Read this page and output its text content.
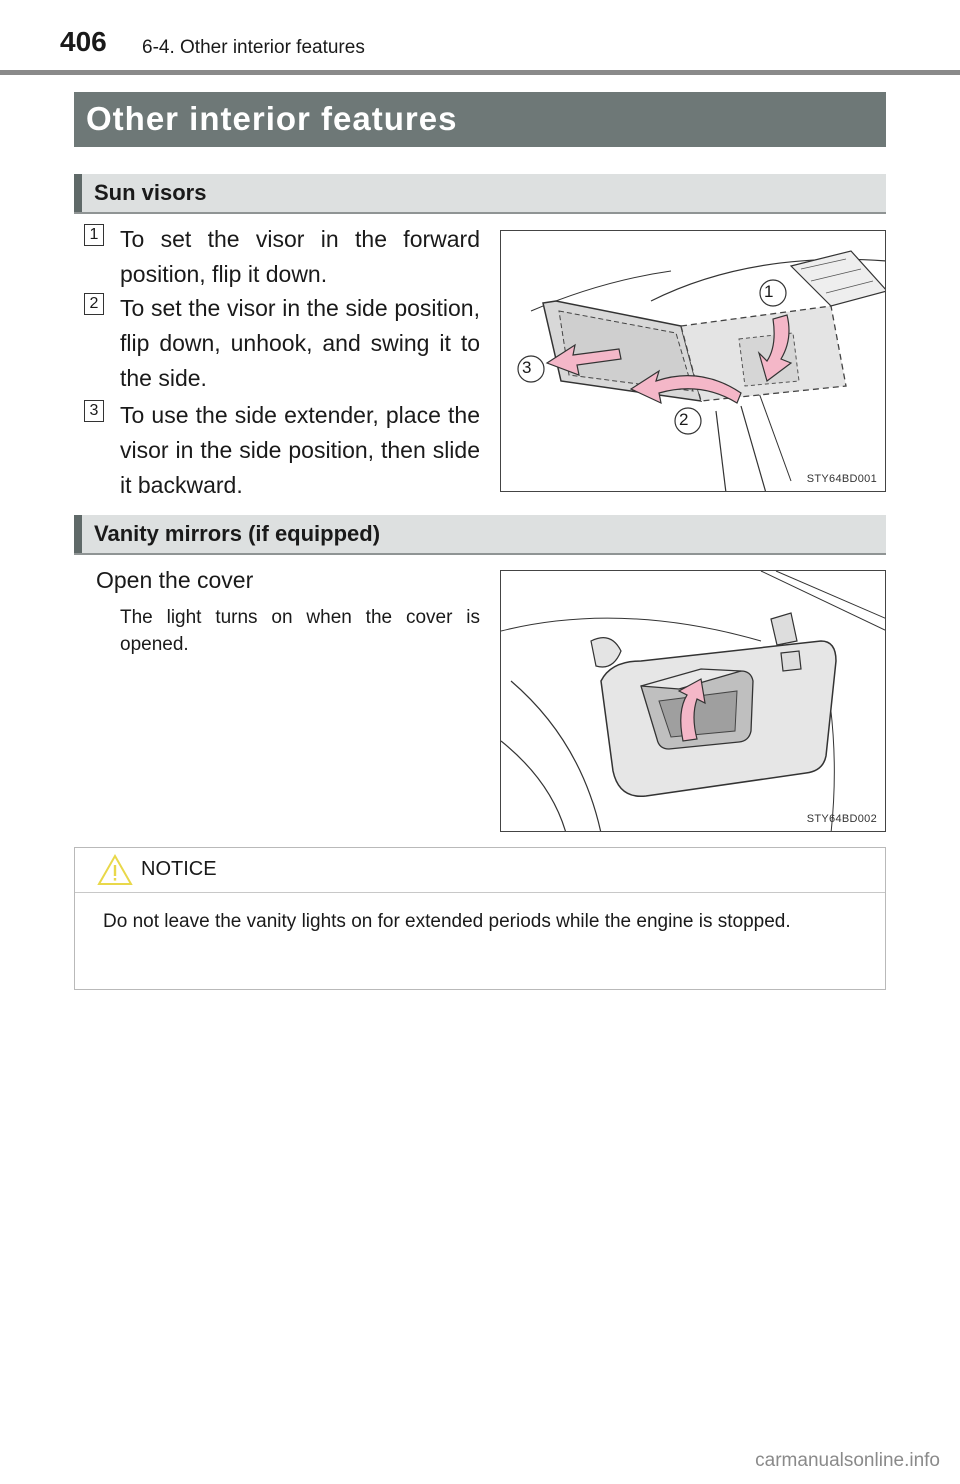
406 6-4. Other interior features
Other interior features
Sun visors
1 To set the visor in the forward position, flip it down.
2 To set the visor in the side position, flip down, unhook, and swing it to the side.
3 To use the side extender, place the visor in the side position, then slide it backward.
1
2
3
STY64BD001
Vanity mirrors (if equipped)
Open the cover
The light turns on when the cover is opened.
STY64BD002
NOTICE
Do not leave the vanity lights on for extended periods while the engine is stopped.
carmanualsonline.info
